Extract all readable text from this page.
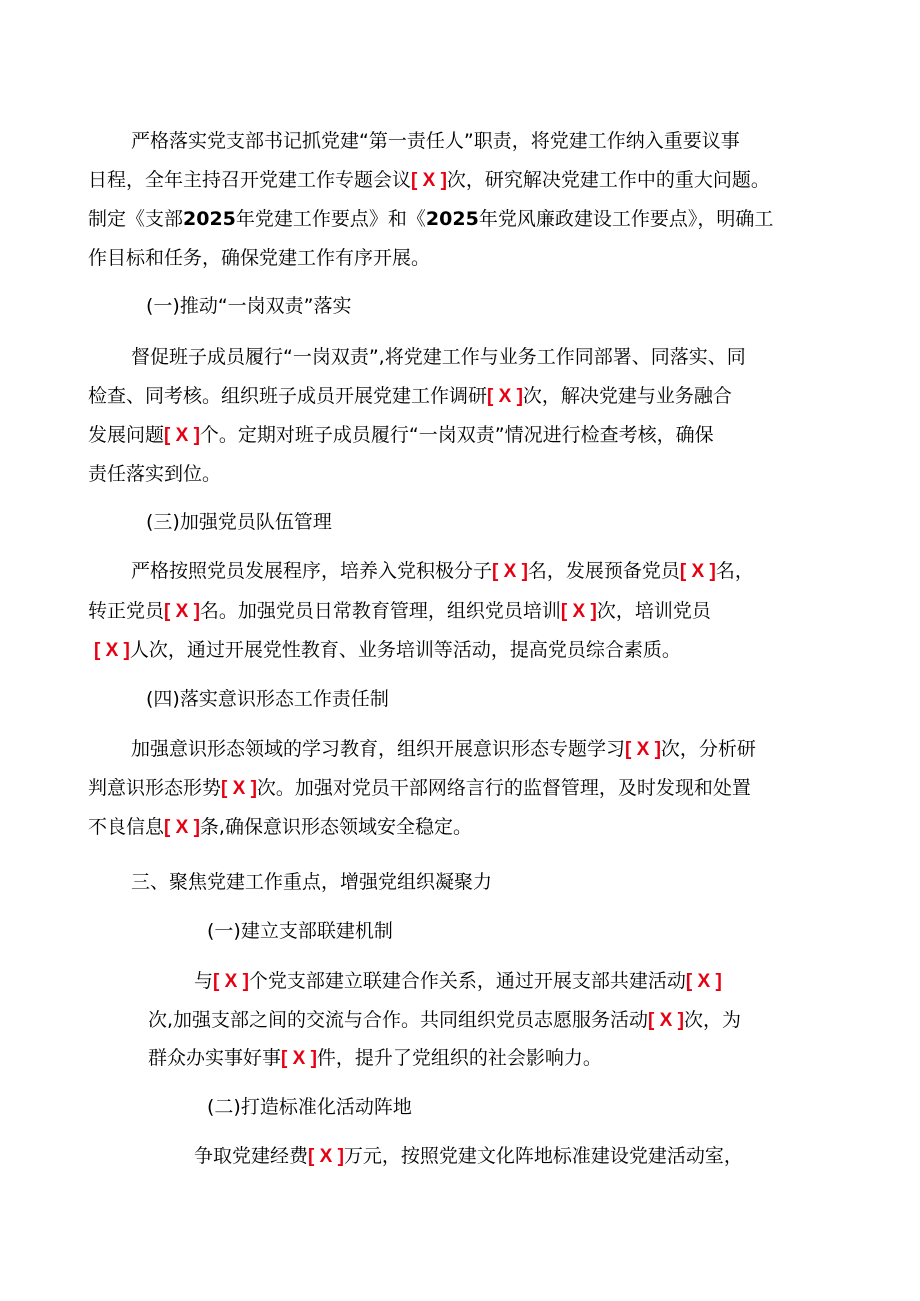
严格落实党支部书记抓党建“第一责任人”职责，将党建工作纳入重要议事
日程，全年主持召开党建工作专题会议[ X ]次，研究解决党建工作中的重大问题。
制定《支部2025年党建工作要点》和《2025年党风廉政建设工作要点》，明确工
作目标和任务，确保党建工作有序开展。
(一)推动“一岗双责”落实
督促班子成员履行“一岗双责”,将党建工作与业务工作同部署、同落实、同
检查、同考核。组织班子成员开展党建工作调研[ X ]次，解决党建与业务融合
发展问题[ X ]个。定期对班子成员履行“一岗双责”情况进行检查考核，确保
责任落实到位。
(三)加强党员队伍管理
严格按照党员发展程序，培养入党积极分子[ X ]名，发展预备党员[ X ]名，
转正党员[ X ]名。加强党员日常教育管理，组织党员培训[ X ]次，培训党员
[ X ]人次，通过开展党性教育、业务培训等活动，提高党员综合素质。
(四)落实意识形态工作责任制
加强意识形态领域的学习教育，组织开展意识形态专题学习[ X ]次，分析研
判意识形态形势[ X ]次。加强对党员干部网络言行的监督管理，及时发现和处置
不良信息[ X ]条,确保意识形态领域安全稳定。
三、聚焦党建工作重点，增强党组织凝聚力
(一)建立支部联建机制
与[ X ]个党支部建立联建合作关系，通过开展支部共建活动[ X ]
次,加强支部之间的交流与合作。共同组织党员志愿服务活动[ X ]次，为
群众办实事好事[ X ]件，提升了党组织的社会影响力。
(二)打造标准化活动阵地
争取党建经费[ X ]万元，按照党建文化阵地标准建设党建活动室，
